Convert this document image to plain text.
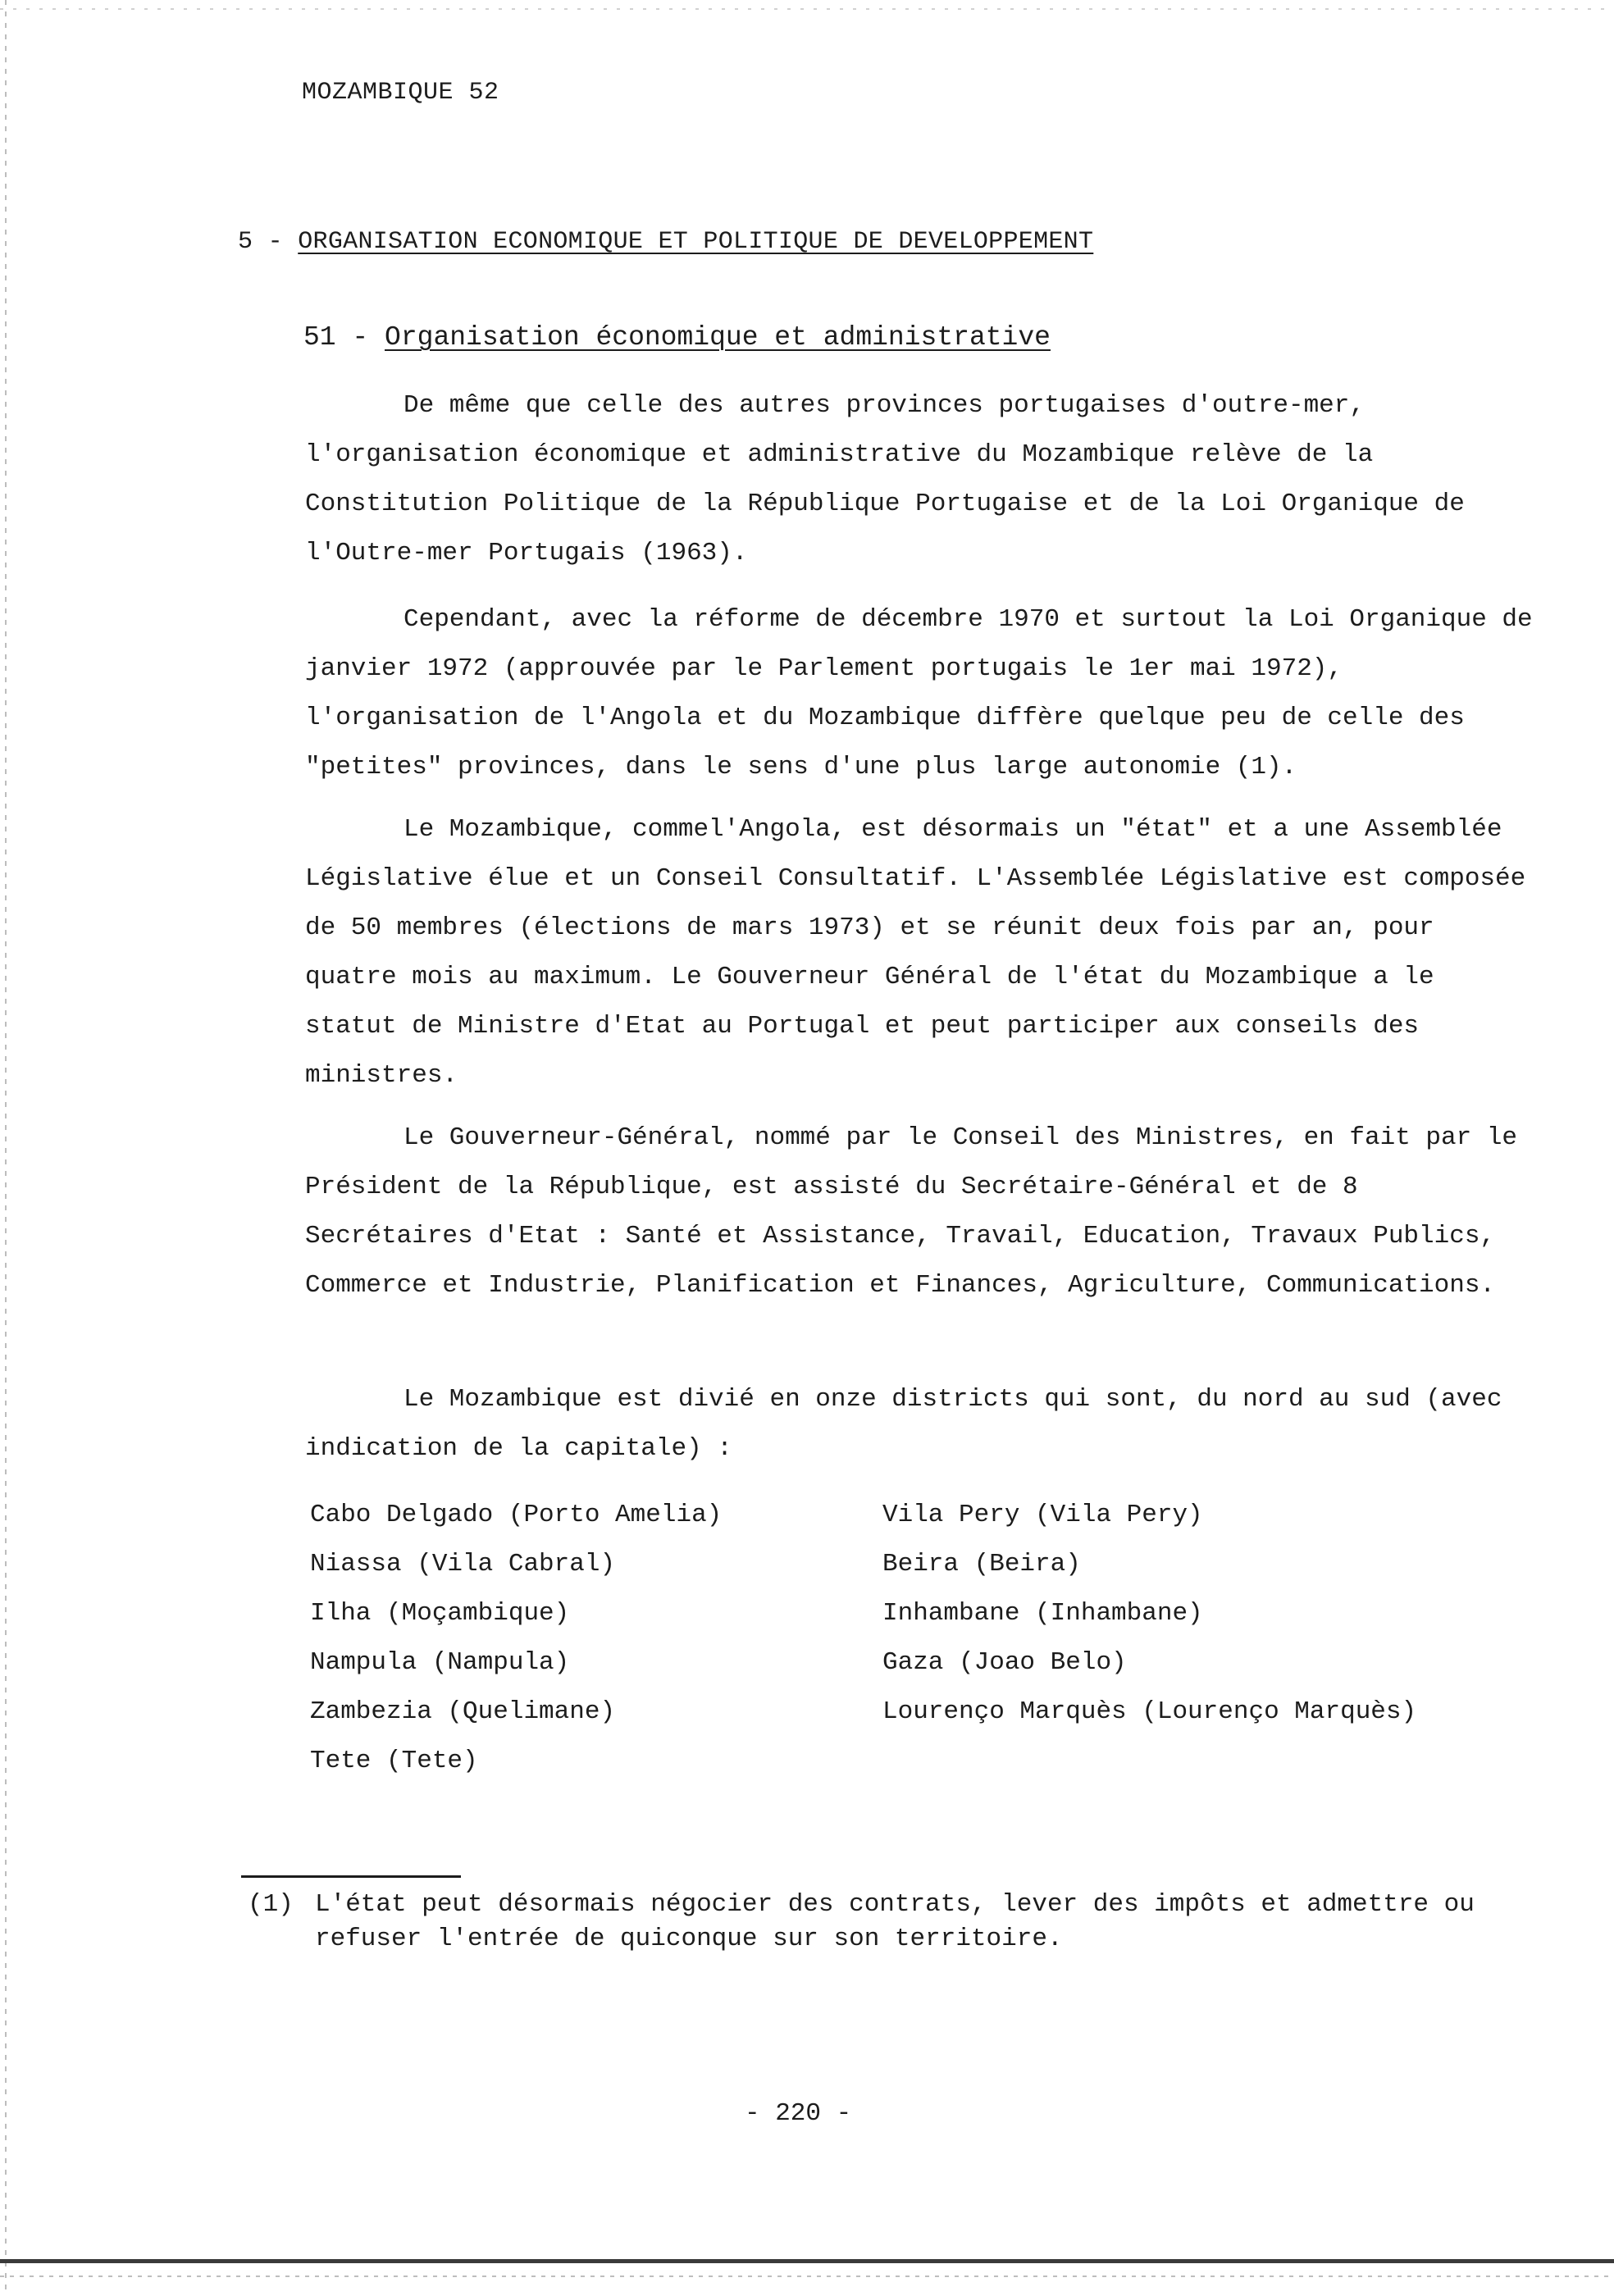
MOZAMBIQUE 52
5 - ORGANISATION ECONOMIQUE ET POLITIQUE DE DEVELOPPEMENT
51 - Organisation économique et administrative

De même que celle des autres provinces portugaises d'outre-mer, l'organisation économique et administrative du Mozambique relève de la Constitution Politique de la République Portugaise et de la Loi Organique de l'Outre-mer Portugais (1963).

Cependant, avec la réforme de décembre 1970 et surtout la Loi Organique de janvier 1972 (approuvée par le Parlement portugais le 1er mai 1972), l'organisation de l'Angola et du Mozambique diffère quelque peu de celle des "petites" provinces, dans le sens d'une plus large autonomie (1).

Le Mozambique, commel'Angola, est désormais un "état" et a une Assemblée Législative élue et un Conseil Consultatif. L'Assemblée Législative est composée de 50 membres (élections de mars 1973) et se réunit deux fois par an, pour quatre mois au maximum. Le Gouverneur Général de l'état du Mozambique a le statut de Ministre d'Etat au Portugal et peut participer aux conseils des ministres.

Le Gouverneur-Général, nommé par le Conseil des Ministres, en fait par le Président de la République, est assisté du Secrétaire-Général et de 8 Secrétaires d'Etat : Santé et Assistance, Travail, Education, Travaux Publics, Commerce et Industrie, Planification et Finances, Agriculture, Communications.

Le Mozambique est divié en onze districts qui sont, du nord au sud (avec indication de la capitale) :

Cabo Delgado (Porto Amelia)
Niassa (Vila Cabral)
Ilha (Moçambique)
Nampula (Nampula)
Zambezia (Quelimane)
Tete (Tete)
Vila Pery (Vila Pery)
Beira (Beira)
Inhambane (Inhambane)
Gaza (Joao Belo)
Lourenço Marquès (Lourenço Marquès)
(1) L'état peut désormais négocier des contrats, lever des impôts et admettre ou refuser l'entrée de quiconque sur son territoire.
- 220 -
